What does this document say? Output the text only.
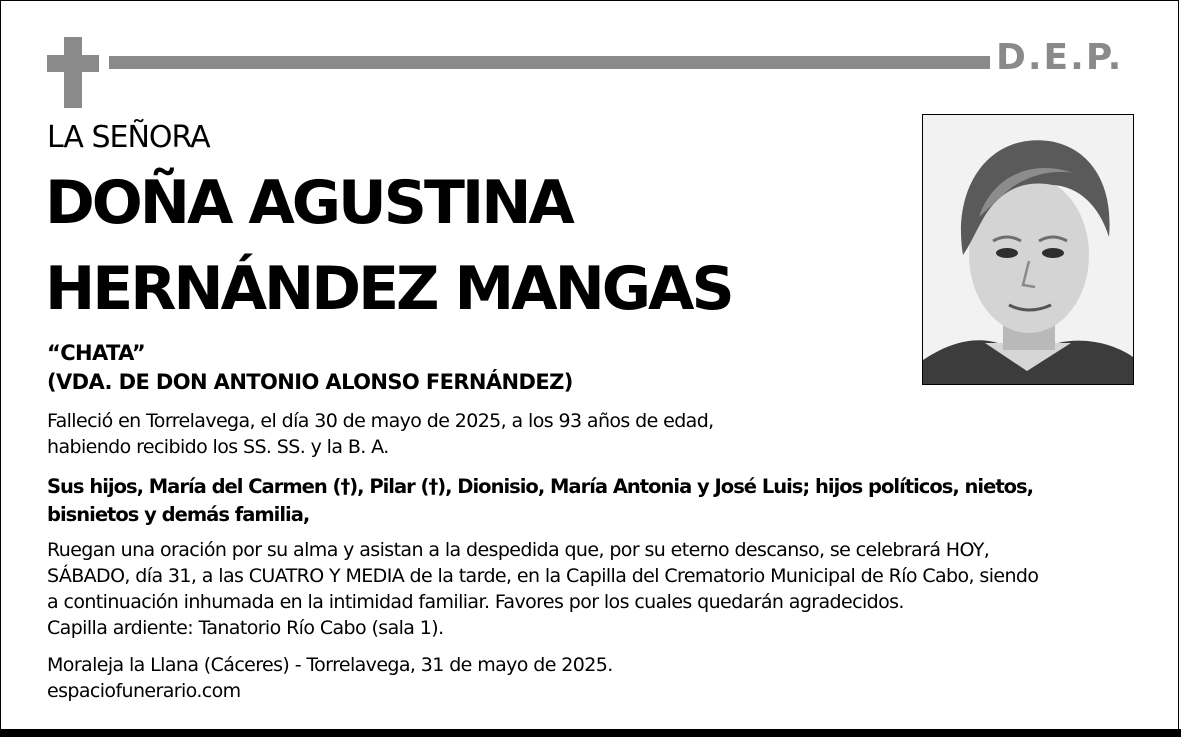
D.E.P.
LA SEÑORA
DOÑA AGUSTINA
HERNÁNDEZ MANGAS
“CHATA”
(VDA. DE DON ANTONIO ALONSO FERNÁNDEZ)
Falleció en Torrelavega, el día 30 de mayo de 2025, a los 93 años de edad,
habiendo recibido los SS. SS. y la B. A.
Sus hijos, María del Carmen (†), Pilar (†), Dionisio, María Antonia y José Luis; hijos políticos, nietos,
bisnietos y demás familia,
Ruegan una oración por su alma y asistan a la despedida que, por su eterno descanso, se celebrará HOY,
SÁBADO, día 31, a las CUATRO Y MEDIA de la tarde, en la Capilla del Crematorio Municipal de Río Cabo, siendo
a continuación inhumada en la intimidad familiar. Favores por los cuales quedarán agradecidos.
Capilla ardiente: Tanatorio Río Cabo (sala 1).
Moraleja la Llana (Cáceres) - Torrelavega, 31 de mayo de 2025.
espaciofunerario.com
